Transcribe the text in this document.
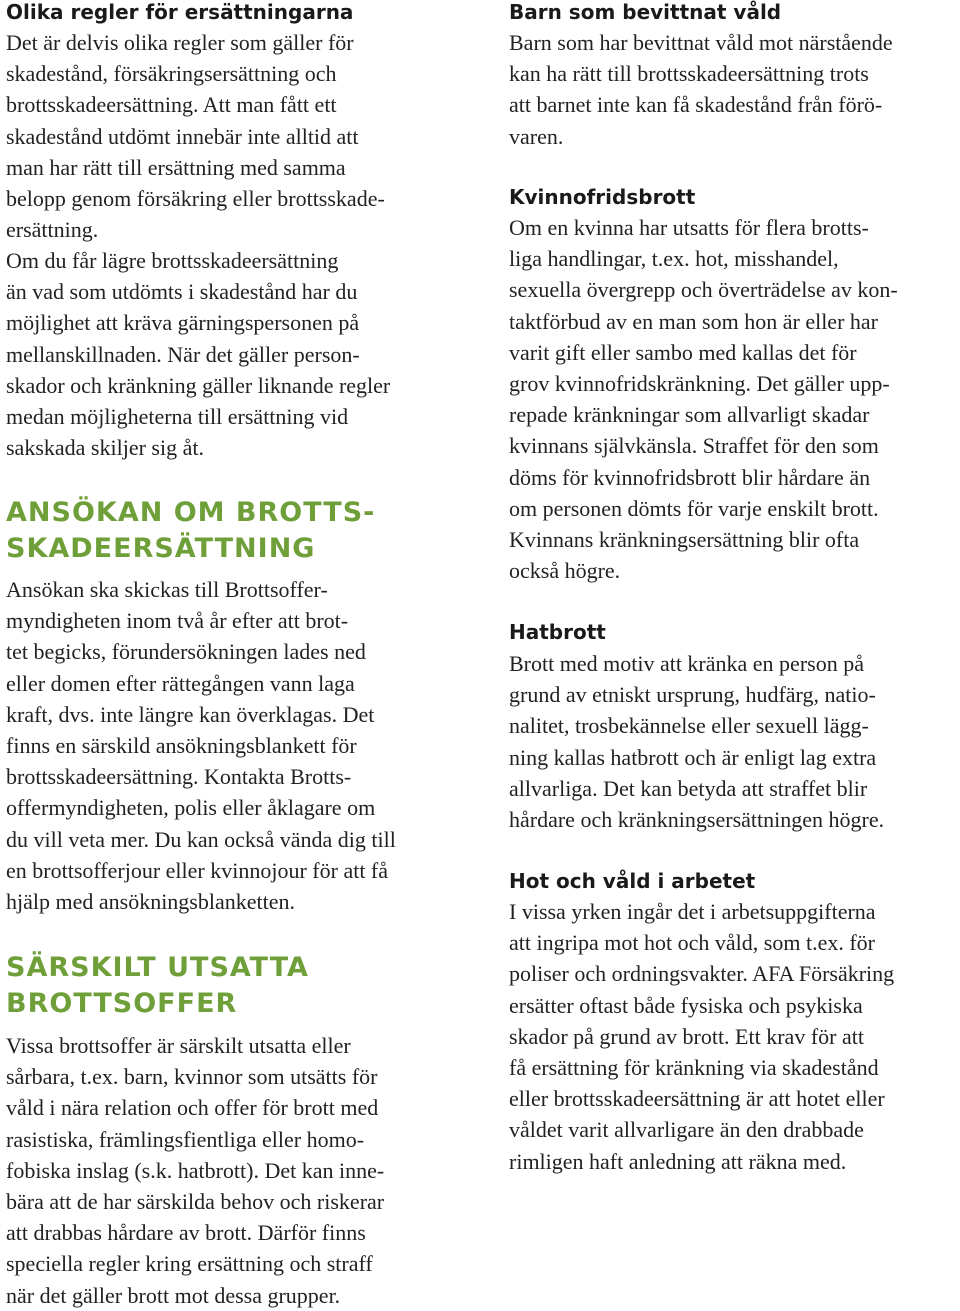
Olika regler för ersättningarna

Det är delvis olika regler som gäller för
skadestånd, försäkringsersättning och
brottsskadeersättning. Att man fått ett
skadestånd utdömt innebär inte alltid att
man har rätt till ersättning med samma
belopp genom försäkring eller brottsskade-
ersättning.

Om du får lägre brottsskadeersättning
än vad som utdömts i skadestånd har du
möjlighet att kräva gärningspersonen på
mellanskillnaden. När det gäller person-
skador och kränkning gäller liknande regler
medan möjligheterna till ersättning vid
sakskada skiljer sig åt.

ANSÖKAN OM BROTTS-
SKADEERSÄTTNING

Ansökan ska skickas till Brottsoffer-
myndigheten inom två år efter att brot-
tet begicks, förundersökningen lades ned
eller domen efter rättegången vann laga
kraft, dvs. inte längre kan överklagas. Det
finns en särskild ansökningsblankett för
brottsskadeersättning. Kontakta Brotts-
offermyndigheten, polis eller åklagare om
du vill veta mer. Du kan också vända dig till
en brottsofferjour eller kvinnojour för att få
hjälp med ansökningsblanketten.

SÄRSKILT UTSATTA
BROTTSOFFER

Vissa brottsoffer är särskilt utsatta eller
sårbara, t.ex. barn, kvinnor som utsätts för
våld i nära relation och offer för brott med
rasistiska, främlingsfientliga eller homo-
fobiska inslag (s.k. hatbrott). Det kan inne-
bära att de har särskilda behov och riskerar
att drabbas hårdare av brott. Därför finns
speciella regler kring ersättning och straff
när det gäller brott mot dessa grupper.

Barn som bevittnat våld

Barn som har bevittnat våld mot närstående
kan ha rätt till brottsskadeersättning trots
att barnet inte kan få skadestånd från förö-
varen.

Kvinnofridsbrott

Om en kvinna har utsatts för flera brotts-
liga handlingar, t.ex. hot, misshandel,
sexuella övergrepp och överträdelse av kon-
taktförbud av en man som hon är eller har
varit gift eller sambo med kallas det för
grov kvinnofridskränkning. Det gäller upp-
repade kränkningar som allvarligt skadar
kvinnans självkänsla. Straffet för den som
döms för kvinnofridsbrott blir hårdare än
om personen dömts för varje enskilt brott.
Kvinnans kränkningsersättning blir ofta
också högre.

Hatbrott

Brott med motiv att kränka en person på
grund av etniskt ursprung, hudfärg, natio-
nalitet, trosbekännelse eller sexuell lägg-
ning kallas hatbrott och är enligt lag extra
allvarliga. Det kan betyda att straffet blir
hårdare och kränkningsersättningen högre.

Hot och våld i arbetet

I vissa yrken ingår det i arbetsuppgifterna
att ingripa mot hot och våld, som t.ex. för
poliser och ordningsvakter. AFA Försäkring
ersätter oftast både fysiska och psykiska
skador på grund av brott. Ett krav för att
få ersättning för kränkning via skadestånd
eller brottsskadeersättning är att hotet eller
våldet varit allvarligare än den drabbade
rimligen haft anledning att räkna med.
